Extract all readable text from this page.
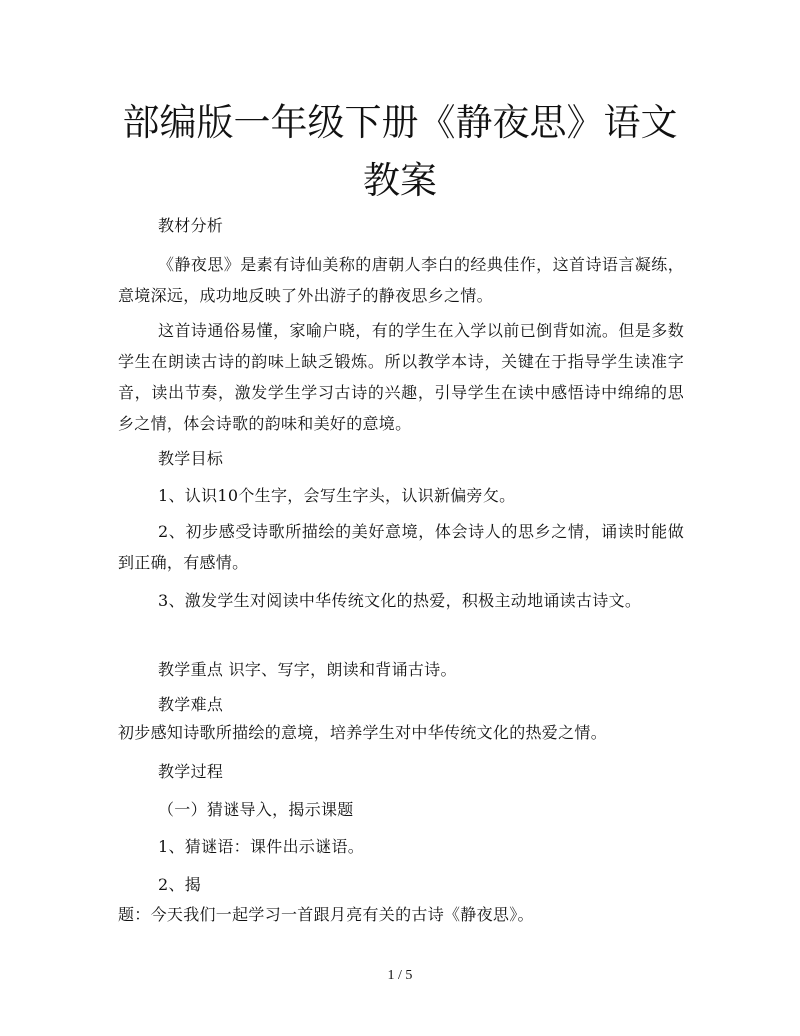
部编版一年级下册《静夜思》语文教案

教材分析

《静夜思》是素有诗仙美称的唐朝人李白的经典佳作，这首诗语言凝练，意境深远，成功地反映了外出游子的静夜思乡之情。

这首诗通俗易懂，家喻户晓，有的学生在入学以前已倒背如流。但是多数学生在朗读古诗的韵味上缺乏锻炼。所以教学本诗，关键在于指导学生读准字音，读出节奏，激发学生学习古诗的兴趣，引导学生在读中感悟诗中绵绵的思乡之情，体会诗歌的韵味和美好的意境。

教学目标

1、认识10个生字，会写生字头，认识新偏旁攵。

2、初步感受诗歌所描绘的美好意境，体会诗人的思乡之情，诵读时能做到正确，有感情。

3、激发学生对阅读中华传统文化的热爱，积极主动地诵读古诗文。

教学重点 识字、写字，朗读和背诵古诗。

教学难点

初步感知诗歌所描绘的意境，培养学生对中华传统文化的热爱之情。

教学过程

（一）猜谜导入，揭示课题

1、猜谜语：课件出示谜语。

2、揭

题：今天我们一起学习一首跟月亮有关的古诗《静夜思》。

1 / 5
